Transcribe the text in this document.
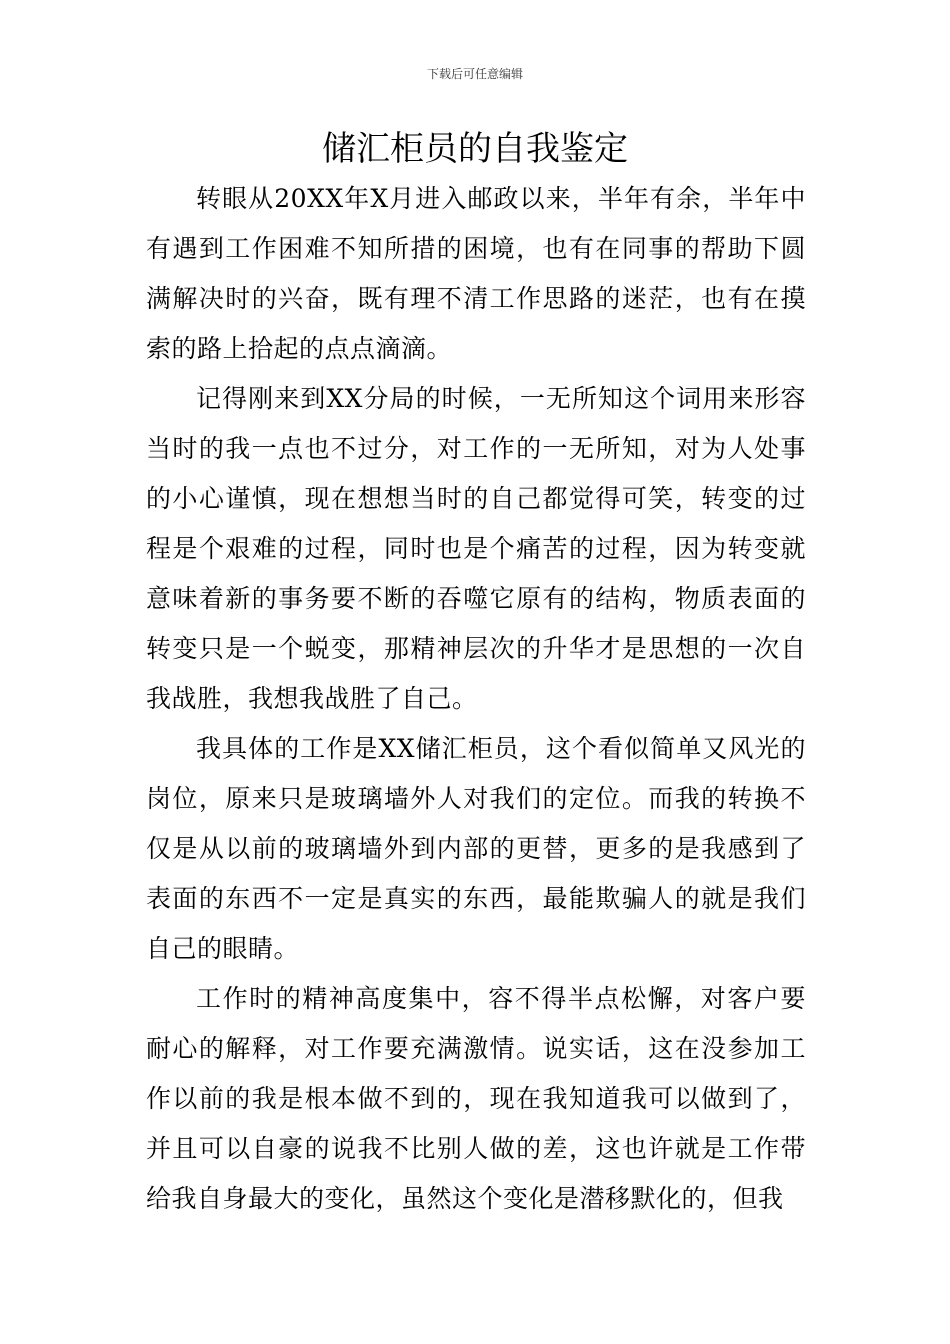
下载后可任意编辑
储汇柜员的自我鉴定

转眼从20XX年X月进入邮政以来，半年有余，半年中有遇到工作困难不知所措的困境，也有在同事的帮助下圆满解决时的兴奋，既有理不清工作思路的迷茫，也有在摸索的路上拾起的点点滴滴。

记得刚来到XX分局的时候，一无所知这个词用来形容当时的我一点也不过分，对工作的一无所知，对为人处事的小心谨慎，现在想想当时的自己都觉得可笑，转变的过程是个艰难的过程，同时也是个痛苦的过程，因为转变就意味着新的事务要不断的吞噬它原有的结构，物质表面的转变只是一个蜕变，那精神层次的升华才是思想的一次自我战胜，我想我战胜了自己。

我具体的工作是XX储汇柜员，这个看似简单又风光的岗位，原来只是玻璃墙外人对我们的定位。而我的转换不仅是从以前的玻璃墙外到内部的更替，更多的是我感到了表面的东西不一定是真实的东西，最能欺骗人的就是我们自己的眼睛。

工作时的精神高度集中，容不得半点松懈，对客户要耐心的解释，对工作要充满激情。说实话，这在没参加工作以前的我是根本做不到的，现在我知道我可以做到了，并且可以自豪的说我不比别人做的差，这也许就是工作带给我自身最大的变化，虽然这个变化是潜移默化的，但我
